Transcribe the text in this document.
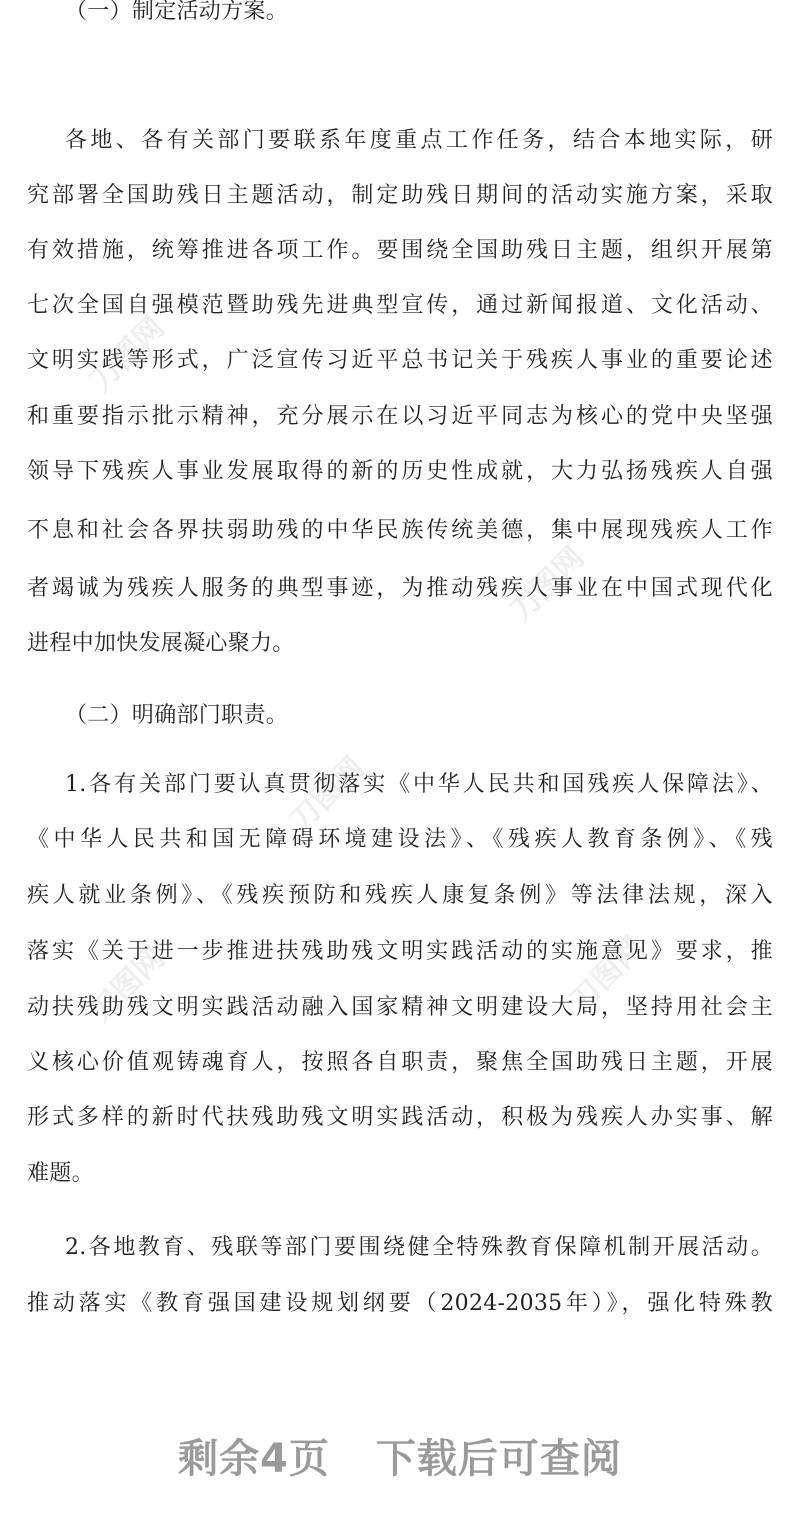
刀图网
刀图网
刀图网
刀图网	刀图网
（一）制定活动方案。
各地、各有关部门要联系年度重点工作任务，结合本地实际，研
究部署全国助残日主题活动，制定助残日期间的活动实施方案，采取
有效措施，统筹推进各项工作。要围绕全国助残日主题，组织开展第
七次全国自强模范暨助残先进典型宣传，通过新闻报道、文化活动、
文明实践等形式，广泛宣传习近平总书记关于残疾人事业的重要论述
和重要指示批示精神，充分展示在以习近平同志为核心的党中央坚强
领导下残疾人事业发展取得的新的历史性成就，大力弘扬残疾人自强
不息和社会各界扶弱助残的中华民族传统美德，集中展现残疾人工作
者竭诚为残疾人服务的典型事迹，为推动残疾人事业在中国式现代化
进程中加快发展凝心聚力。
（二）明确部门职责。
1.各有关部门要认真贯彻落实《中华人民共和国残疾人保障法》、
《中华人民共和国无障碍环境建设法》、《残疾人教育条例》、《残
疾人就业条例》、《残疾预防和残疾人康复条例》等法律法规，深入
落实《关于进一步推进扶残助残文明实践活动的实施意见》要求，推
动扶残助残文明实践活动融入国家精神文明建设大局，坚持用社会主
义核心价值观铸魂育人，按照各自职责，聚焦全国助残日主题，开展
形式多样的新时代扶残助残文明实践活动，积极为残疾人办实事、解
难题。
2.各地教育、残联等部门要围绕健全特殊教育保障机制开展活动。
推动落实《教育强国建设规划纲要（2024-2035年）》，强化特殊教
剩余4页 下载后可查阅
